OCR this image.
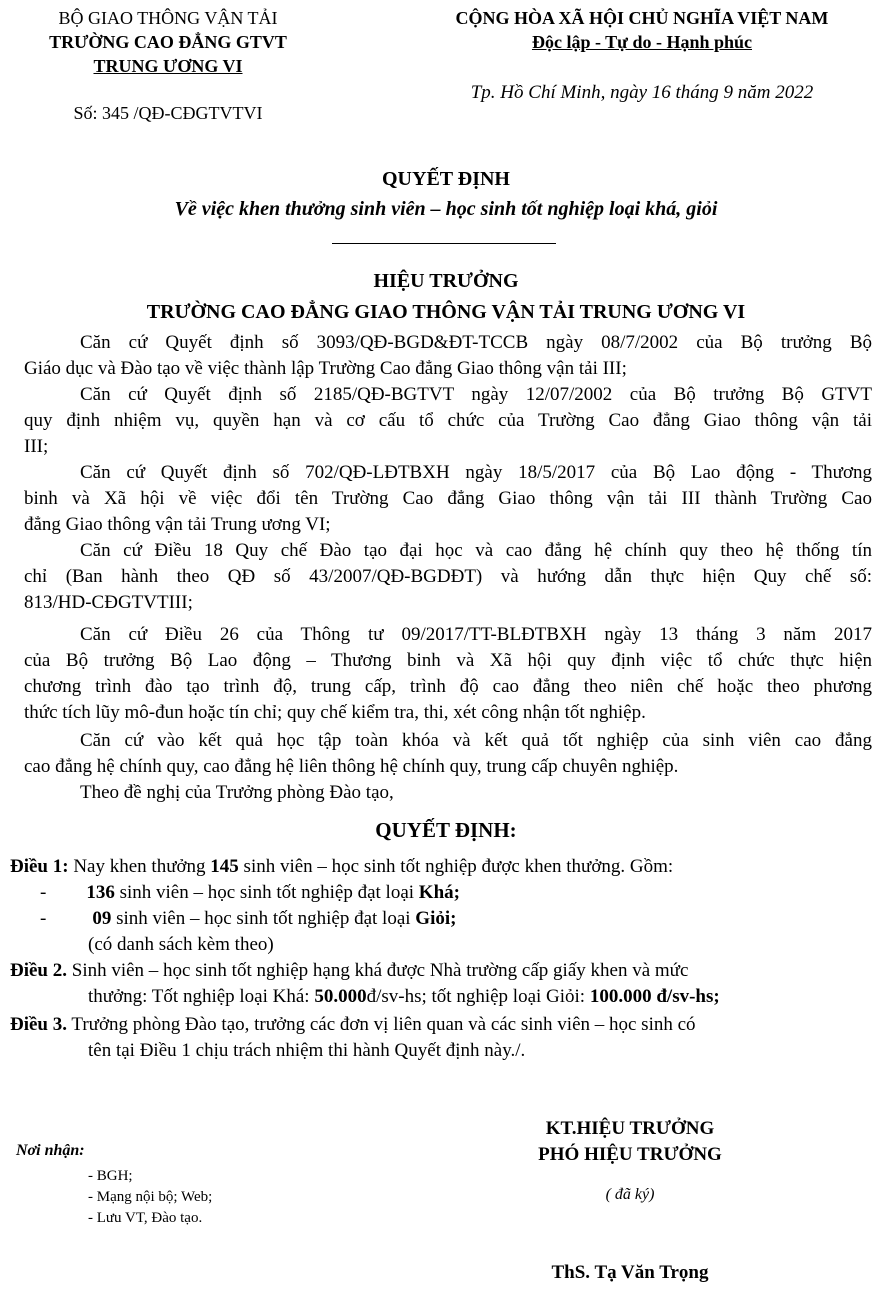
BỘ GIAO THÔNG VẬN TẢI
TRƯỜNG CAO ĐẲNG GTVT
TRUNG ƯƠNG VI
Số: 345 /QĐ-CĐGTVTVI
CỘNG HÒA XÃ HỘI CHỦ NGHĨA VIỆT NAM
Độc lập - Tự do - Hạnh phúc
Tp. Hồ Chí Minh, ngày 16 tháng 9 năm 2022
QUYẾT ĐỊNH
Về việc khen thưởng sinh viên – học sinh tốt nghiệp loại khá, giỏi
HIỆU TRƯỞNG
TRƯỜNG CAO ĐẲNG GIAO THÔNG VẬN TẢI TRUNG ƯƠNG VI
Căn cứ Quyết định số 3093/QĐ-BGD&ĐT-TCCB ngày 08/7/2002 của Bộ trưởng Bộ
Giáo dục và Đào tạo về việc thành lập Trường Cao đẳng Giao thông vận tải III;
Căn cứ Quyết định số 2185/QĐ-BGTVT ngày 12/07/2002 của Bộ trưởng Bộ GTVT
quy định nhiệm vụ, quyền hạn và cơ cấu tổ chức của Trường Cao đẳng Giao thông vận tải
III;
Căn cứ Quyết định số 702/QĐ-LĐTBXH ngày 18/5/2017 của Bộ Lao động - Thương
binh và Xã hội về việc đổi tên Trường Cao đẳng Giao thông vận tải III thành Trường Cao
đẳng Giao thông vận tải Trung ương VI;
Căn cứ Điều 18 Quy chế Đào tạo đại học và cao đẳng hệ chính quy theo hệ thống tín
chỉ (Ban hành theo QĐ số 43/2007/QĐ-BGDĐT) và hướng dẫn thực hiện Quy chế số:
813/HD-CĐGTVTIII;
Căn cứ Điều 26 của Thông tư 09/2017/TT-BLĐTBXH ngày 13 tháng 3 năm 2017
của Bộ trưởng Bộ Lao động – Thương binh và Xã hội quy định việc tổ chức thực hiện
chương trình đào tạo trình độ, trung cấp, trình độ cao đẳng theo niên chế hoặc theo phương
thức tích lũy mô-đun hoặc tín chỉ; quy chế kiểm tra, thi, xét công nhận tốt nghiệp.
Căn cứ vào kết quả học tập toàn khóa và kết quả tốt nghiệp của sinh viên cao đẳng
cao đẳng hệ chính quy, cao đẳng hệ liên thông hệ chính quy, trung cấp chuyên nghiệp.
Theo đề nghị của Trưởng phòng Đào tạo,
QUYẾT ĐỊNH:
Điều 1: Nay khen thưởng 145 sinh viên – học sinh tốt nghiệp được khen thưởng. Gồm:
- 136 sinh viên – học sinh tốt nghiệp đạt loại Khá;
- 09 sinh viên – học sinh tốt nghiệp đạt loại Giỏi;
(có danh sách kèm theo)
Điều 2. Sinh viên – học sinh tốt nghiệp hạng khá được Nhà trường cấp giấy khen và mức
thưởng: Tốt nghiệp loại Khá: 50.000đ/sv-hs; tốt nghiệp loại Giỏi: 100.000 đ/sv-hs;
Điều 3. Trưởng phòng Đào tạo, trưởng các đơn vị liên quan và các sinh viên – học sinh có
tên tại Điều 1 chịu trách nhiệm thi hành Quyết định này./.
Nơi nhận:
- BGH;
- Mạng nội bộ; Web;
- Lưu VT, Đào tạo.
KT.HIỆU TRƯỞNG
PHÓ HIỆU TRƯỞNG
( đã ký)
ThS. Tạ Văn Trọng
